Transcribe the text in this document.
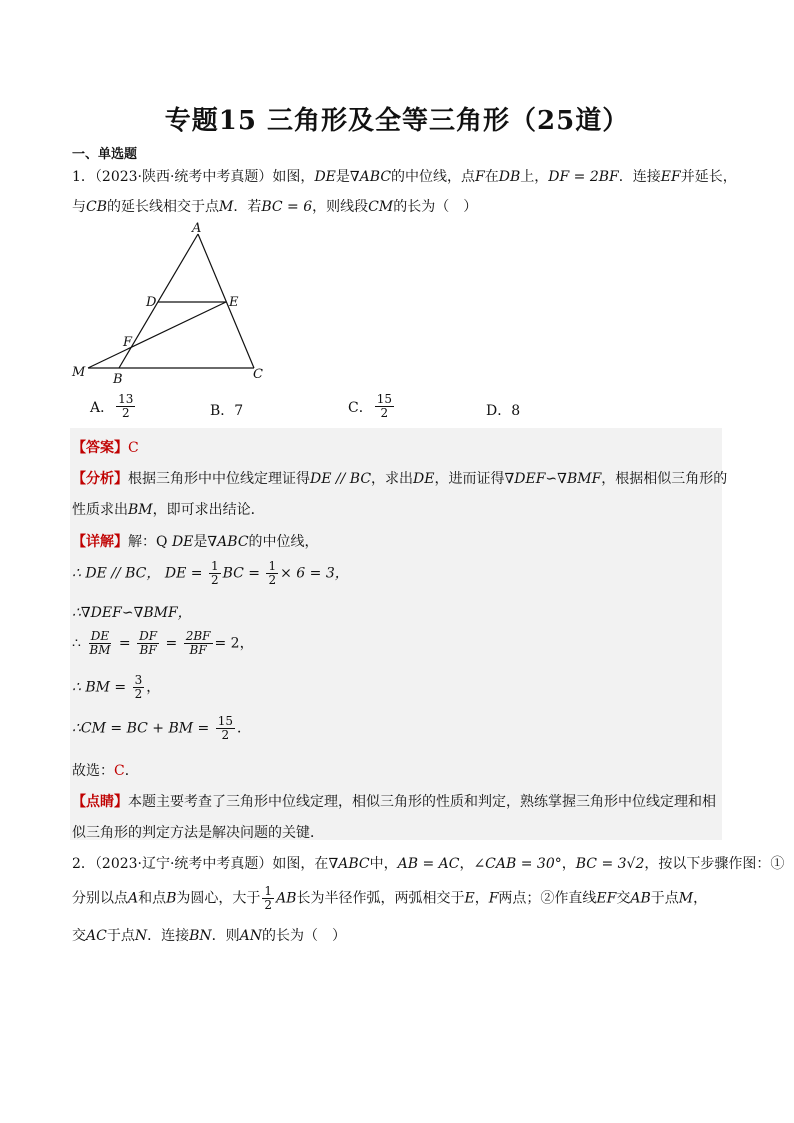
专题15 三角形及全等三角形（25道）
一、单选题
1．（2023·陕西·统考中考真题）如图，DE是∇ABC的中位线，点F在DB上，DF = 2BF．连接EF并延长，
与CB的延长线相交于点M．若BC = 6，则线段CM的长为（　）
A
D	E
F
M B	C
A． $\frac{13}{2}$	B．7	C． $\frac{15}{2}$	D．8
【答案】C
【分析】根据三角形中中位线定理证得DE // BC，求出DE，进而证得∇DEF∽∇BMF，根据相似三角形的
性质求出BM，即可求出结论．
【详解】解：Q DE是∇ABC的中位线，
∴ DE // BC， DE = $\frac{1}{2}$ BC = $\frac{1}{2} \times 6 = 3$，
∴∇DEF∽∇BMF，
∴ $\frac{DE}{BM} = \frac{DF}{BF} = \frac{2BF}{BF} = 2$，
∴ BM = $\frac{3}{2}$ ，
∴CM = BC + BM = $\frac{15}{2}$ ．
故选：C．
【点睛】本题主要考查了三角形中位线定理，相似三角形的性质和判定，熟练掌握三角形中位线定理和相
似三角形的判定方法是解决问题的关键．
2．（2023·辽宁·统考中考真题）如图，在∇ABC中，AB = AC，∠CAB = 30°，BC = 3√2，按以下步骤作图：①
分别以点A和点B为圆心，大于 $\frac{1}{2}$ AB长为半径作弧，两弧相交于E，F两点；②作直线EF交AB于点M，
交AC于点N．连接BN．则AN的长为（　）
